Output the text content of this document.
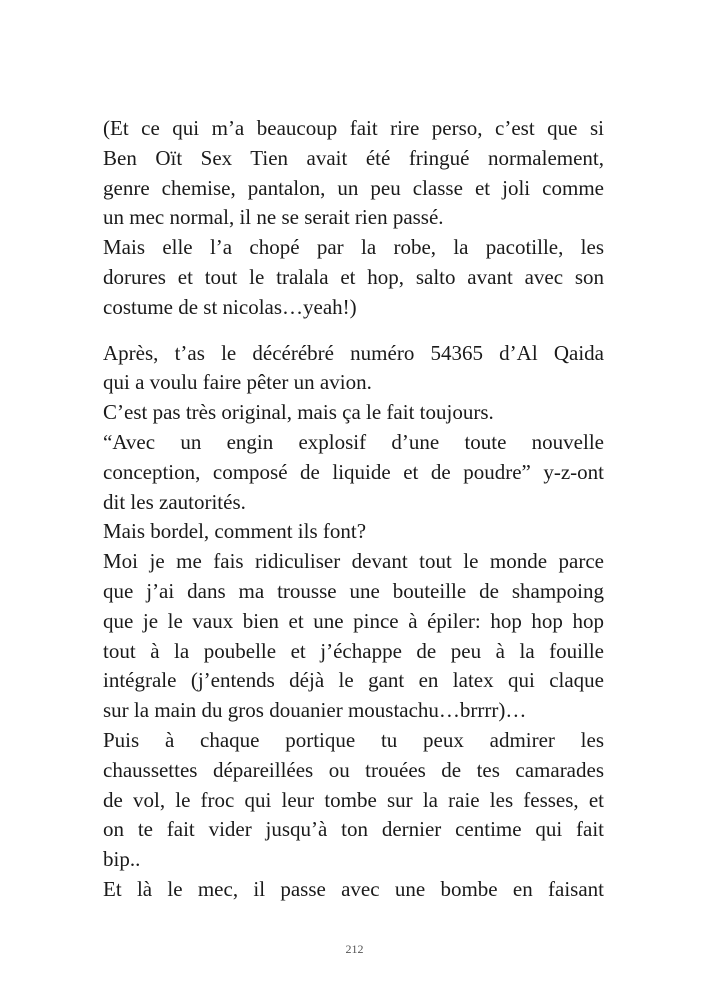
(Et ce qui m’a beaucoup fait rire perso, c’est que si
Ben Oït Sex Tien avait été fringué normalement,
genre chemise, pantalon, un peu classe et joli comme
un mec normal, il ne se serait rien passé.
Mais elle l’a chopé par la robe, la pacotille, les
dorures et tout le tralala et hop, salto avant avec son
costume de st nicolas…yeah!)
Après, t’as le décérébré numéro 54365 d’Al Qaida
qui a voulu faire pêter un avion.
C’est pas très original, mais ça le fait toujours.
“Avec un engin explosif d’une toute nouvelle
conception, composé de liquide et de poudre” y-z-ont
dit les zautorités.
Mais bordel, comment ils font?
Moi je me fais ridiculiser devant tout le monde parce
que j’ai dans ma trousse une bouteille de shampoing
que je le vaux bien et une pince à épiler: hop hop hop
tout à la poubelle et j’échappe de peu à la fouille
intégrale (j’entends déjà le gant en latex qui claque
sur la main du gros douanier moustachu…brrrr)…
Puis à chaque portique tu peux admirer les
chaussettes dépareillées ou trouées de tes camarades
de vol, le froc qui leur tombe sur la raie les fesses, et
on te fait vider jusqu’à ton dernier centime qui fait
bip..
Et là le mec, il passe avec une bombe en faisant
212
